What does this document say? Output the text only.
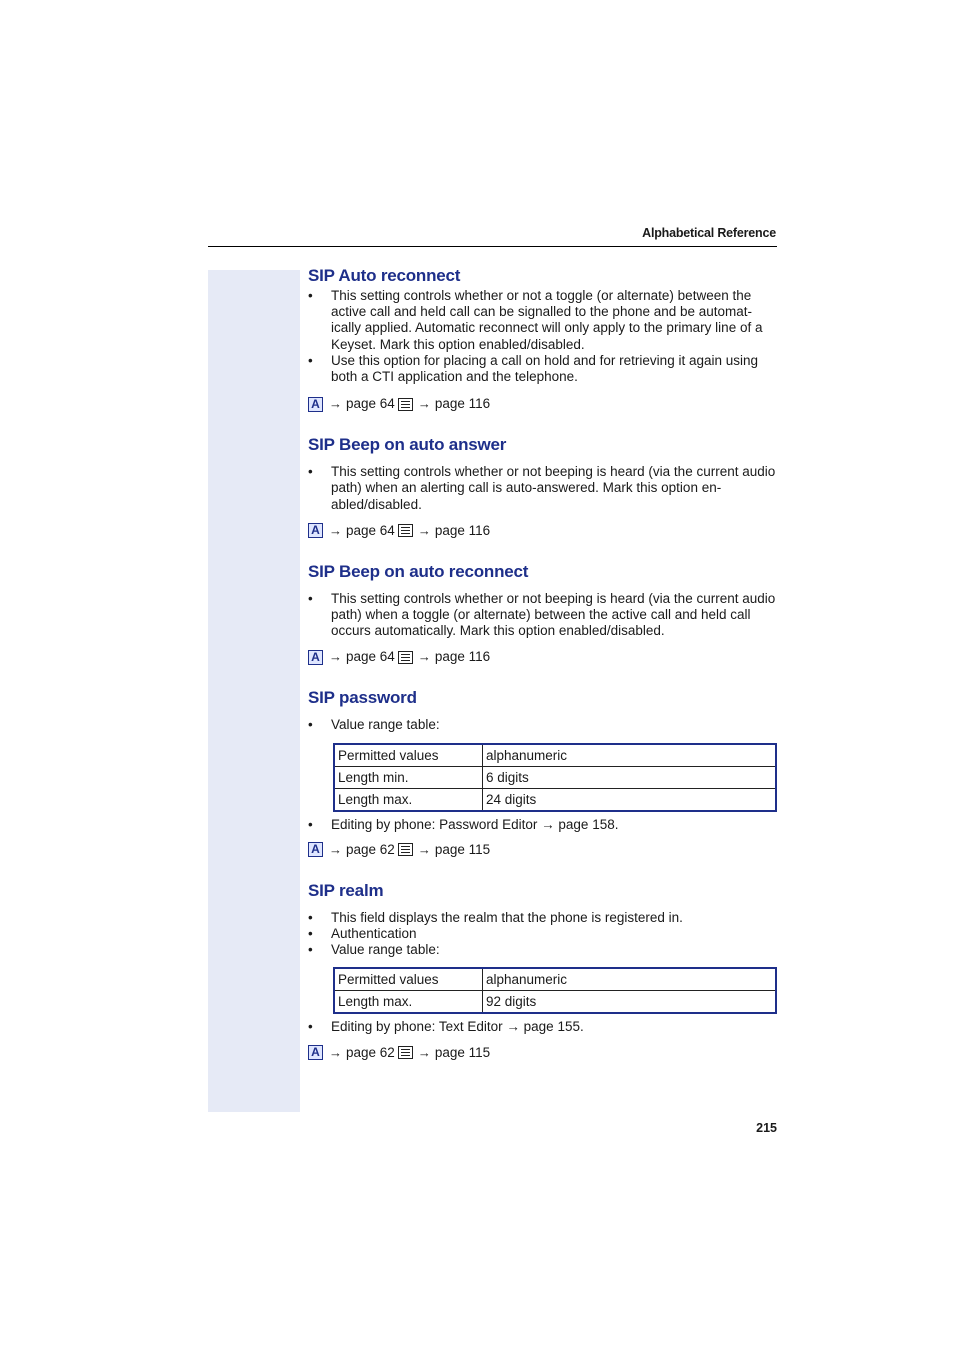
Alphabetical Reference
SIP Auto reconnect
• This setting controls whether or not a toggle (or alternate) between the active call and held call can be signalled to the phone and be automat-ically applied. Automatic reconnect will only apply to the primary line of a Keyset. Mark this option enabled/disabled.
• Use this option for placing a call on hold and for retrieving it again using both a CTI application and the telephone.
A → page 64 → page 116
SIP Beep on auto answer
• This setting controls whether or not beeping is heard (via the current audio path) when an alerting call is auto-answered. Mark this option en-abled/disabled.
A → page 64 → page 116
SIP Beep on auto reconnect
• This setting controls whether or not beeping is heard (via the current audio path) when a toggle (or alternate) between the active call and held call occurs automatically. Mark this option enabled/disabled.
A → page 64 → page 116
SIP password
• Value range table:
Permitted values	alphanumeric
Length min.	6 digits
Length max.	24 digits
• Editing by phone: Password Editor → page 158.
A → page 62 → page 115
SIP realm
• This field displays the realm that the phone is registered in.
• Authentication
• Value range table:
Permitted values	alphanumeric
Length max.	92 digits
• Editing by phone: Text Editor → page 155.
A → page 62 → page 115
215
